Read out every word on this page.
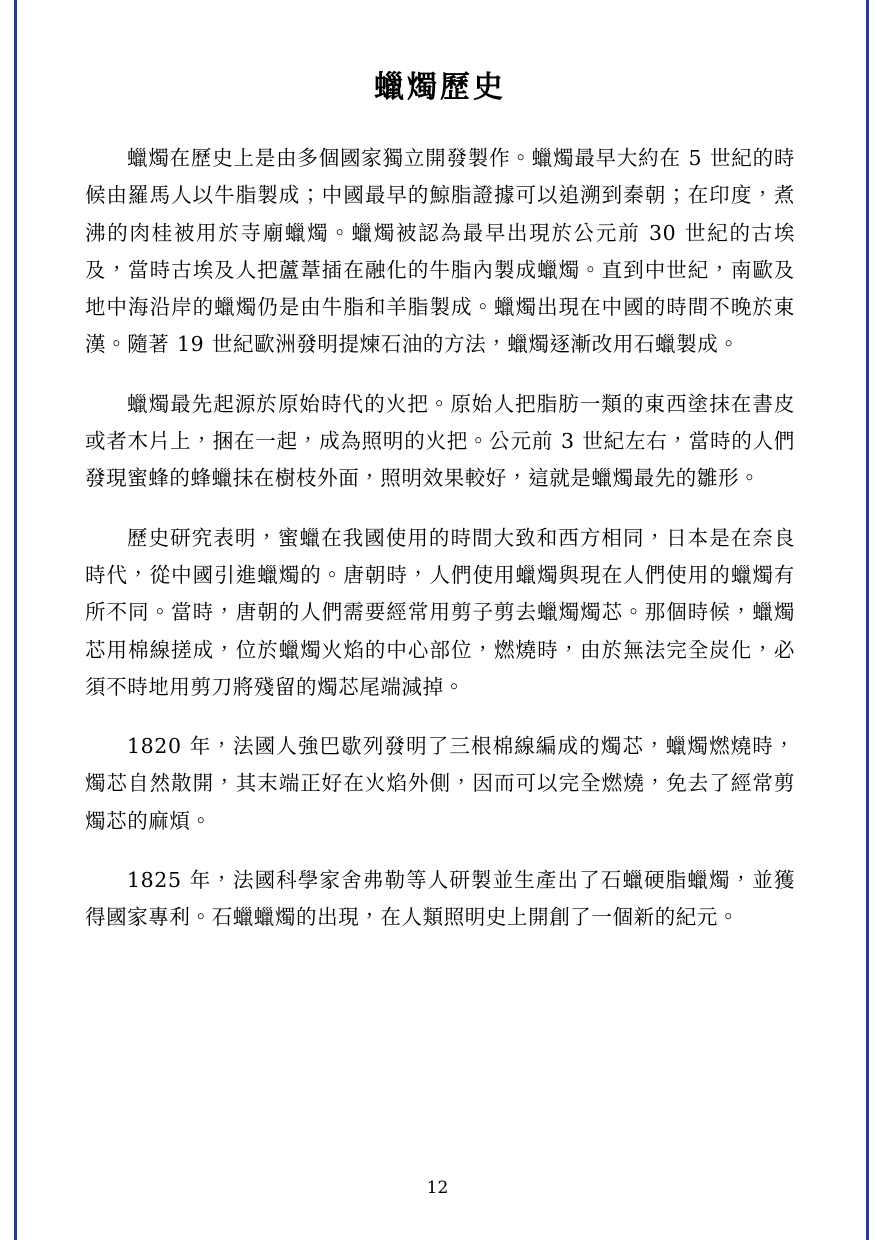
蠟燭歷史

蠟燭在歷史上是由多個國家獨立開發製作。蠟燭最早大約在 5 世紀的時候由羅馬人以牛脂製成；中國最早的鯨脂證據可以追溯到秦朝；在印度，煮沸的肉桂被用於寺廟蠟燭。蠟燭被認為最早出現於公元前 30 世紀的古埃及，當時古埃及人把蘆葦插在融化的牛脂內製成蠟燭。直到中世紀，南歐及地中海沿岸的蠟燭仍是由牛脂和羊脂製成。蠟燭出現在中國的時間不晚於東漢。隨著 19 世紀歐洲發明提煉石油的方法，蠟燭逐漸改用石蠟製成。

蠟燭最先起源於原始時代的火把。原始人把脂肪一類的東西塗抹在書皮或者木片上，捆在一起，成為照明的火把。公元前 3 世紀左右，當時的人們發現蜜蜂的蜂蠟抹在樹枝外面，照明效果較好，這就是蠟燭最先的雛形。

歷史研究表明，蜜蠟在我國使用的時間大致和西方相同，日本是在奈良時代，從中國引進蠟燭的。唐朝時，人們使用蠟燭與現在人們使用的蠟燭有所不同。當時，唐朝的人們需要經常用剪子剪去蠟燭燭芯。那個時候，蠟燭芯用棉線搓成，位於蠟燭火焰的中心部位，燃燒時，由於無法完全炭化，必須不時地用剪刀將殘留的燭芯尾端減掉。

1820 年，法國人強巴歇列發明了三根棉線編成的燭芯，蠟燭燃燒時，燭芯自然散開，其末端正好在火焰外側，因而可以完全燃燒，免去了經常剪燭芯的麻煩。

1825 年，法國科學家舍弗勒等人研製並生產出了石蠟硬脂蠟燭，並獲得國家專利。石蠟蠟燭的出現，在人類照明史上開創了一個新的紀元。

12
